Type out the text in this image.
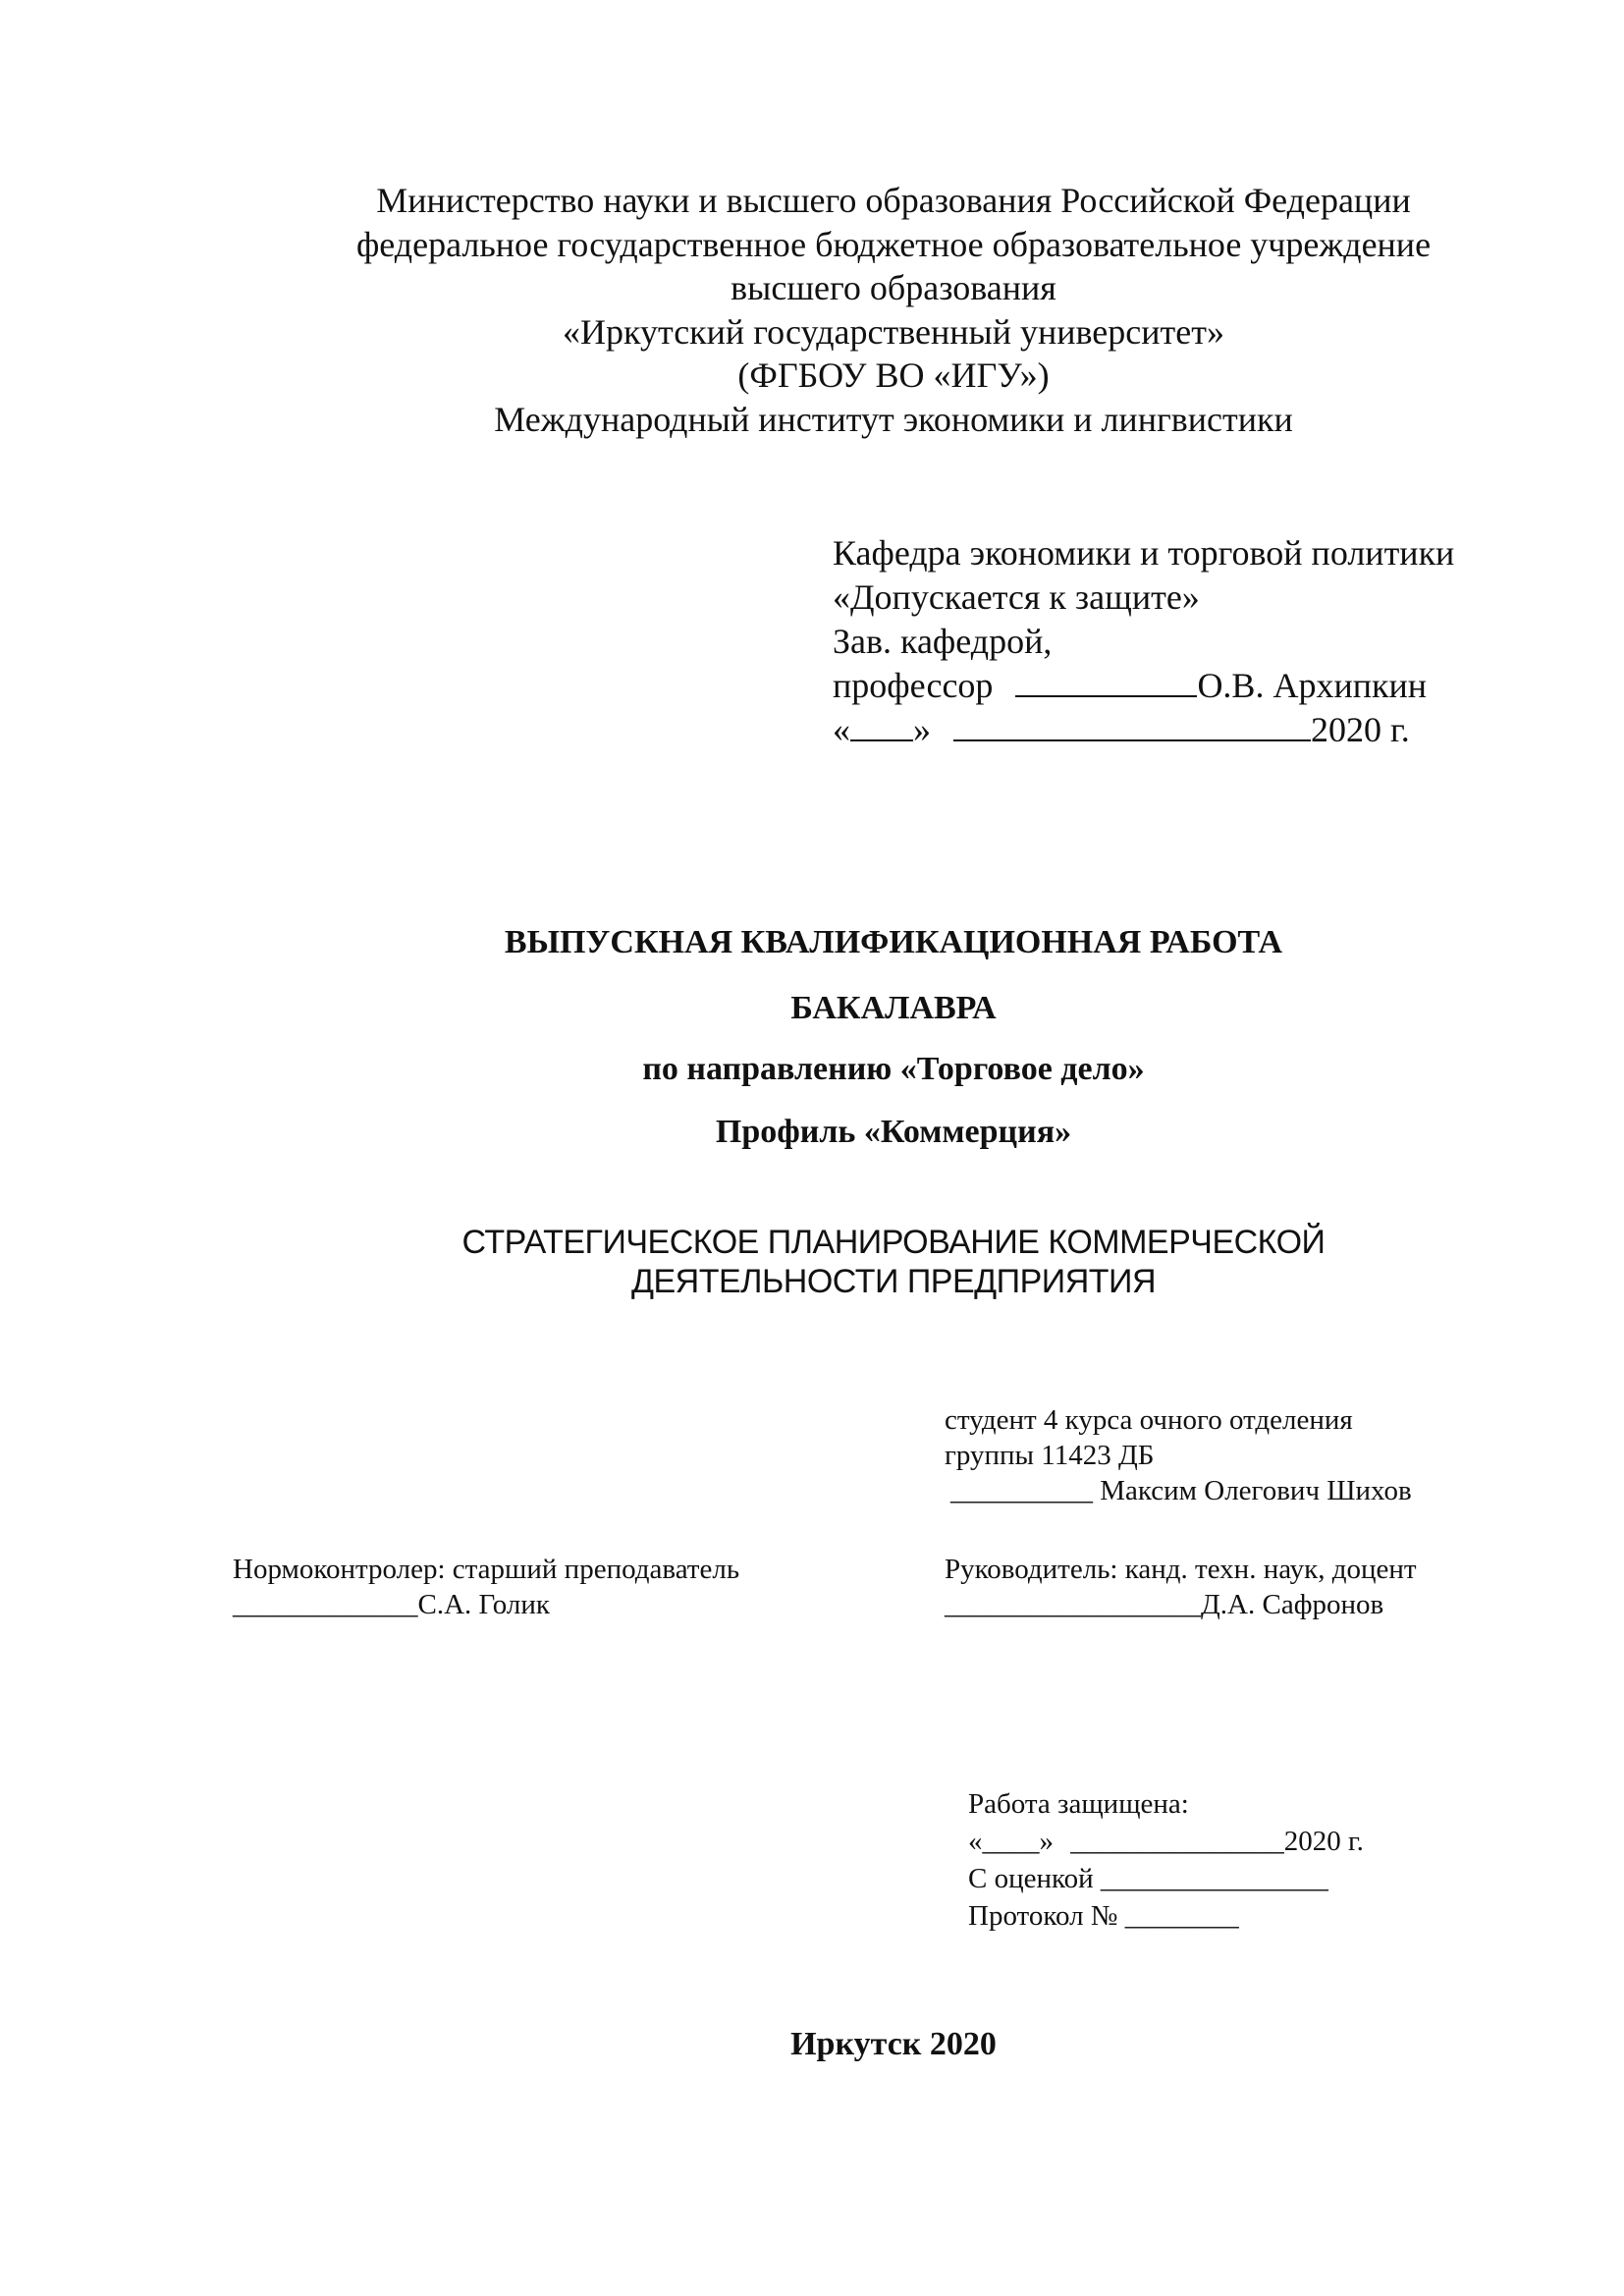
Министерство науки и высшего образования Российской Федерации
федеральное государственное бюджетное образовательное учреждение
высшего образования
«Иркутский государственный университет»
(ФГБОУ ВО «ИГУ»)
Международный институт экономики и лингвистики
Кафедра экономики и торговой политики
«Допускается к защите»
Зав. кафедрой,
профессор	О.В. Архипкин
« »	2020 г.
ВЫПУСКНАЯ КВАЛИФИКАЦИОННАЯ РАБОТА
БАКАЛАВРА
по направлению «Торговое дело»
Профиль «Коммерция»
СТРАТЕГИЧЕСКОЕ ПЛАНИРОВАНИЕ КОММЕРЧЕСКОЙ
ДЕЯТЕЛЬНОСТИ ПРЕДПРИЯТИЯ
студент 4 курса очного отделения
группы 11423 ДБ
__________ Максим Олегович Шихов
Нормоконтролер: старший преподаватель
_____________С.А. Голик
Руководитель: канд. техн. наук, доцент
__________________Д.А. Сафронов
Работа защищена:
«____» _______________2020 г.
С оценкой ________________
Протокол № ________
Иркутск 2020
